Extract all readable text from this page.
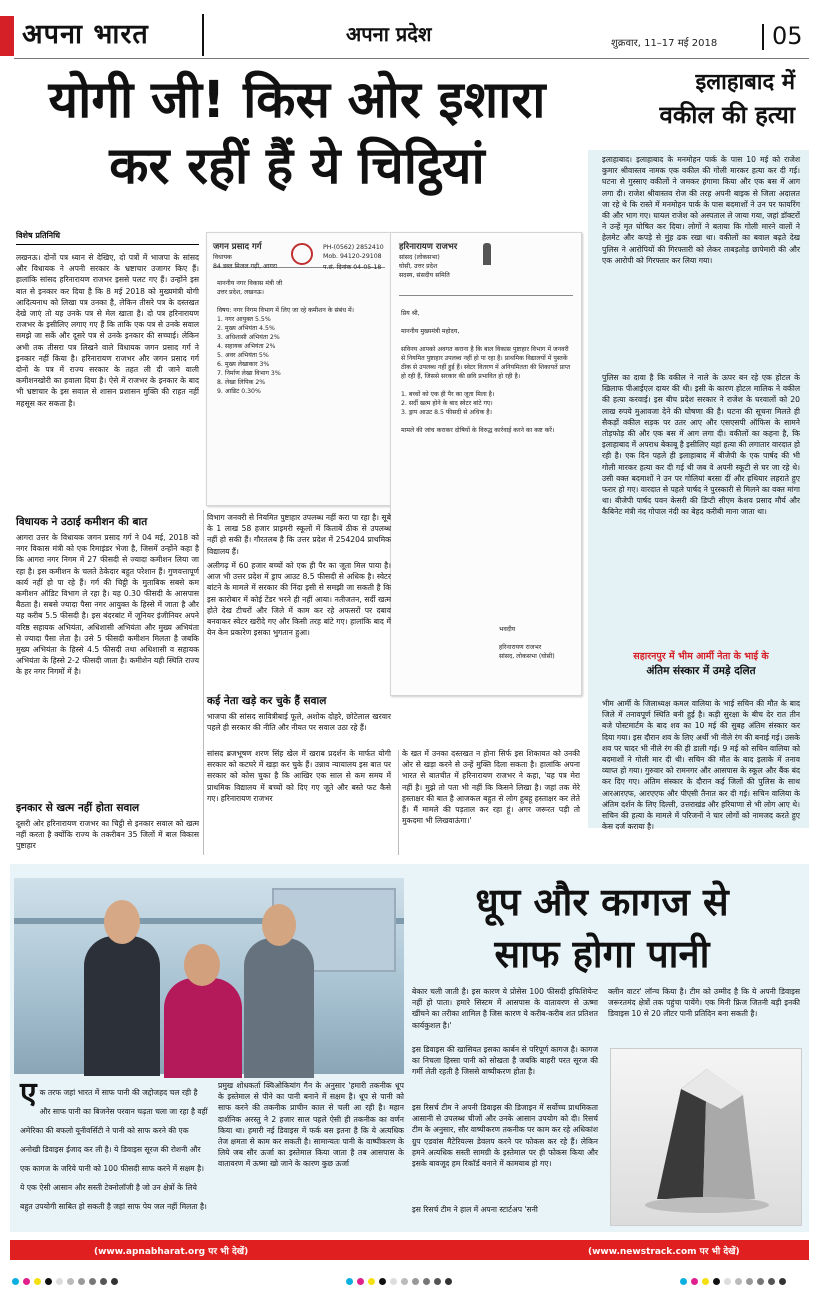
अपना भारत	अपना प्रदेश	शुक्रवार, 11–17 मई 2018 05
योगी जी! किस ओर इशारा
कर रहीं हैं ये चिट्ठियां
इलाहाबाद में
वकील की हत्या

इलाहाबाद। इलाहाबाद के मनमोहन पार्क के पास 10 मई को राजेश कुमार श्रीवास्तव नामक एक वकील की गोली मारकर हत्या कर दी गई। घटना से गुस्साए वकीलों ने जमकर हंगामा किया और एक बस में आग लगा दी। राजेश श्रीवास्तव रोज की तरह अपनी बाइक से जिला अदालत जा रहे थे कि रास्ते में मनमोहन पार्क के पास बदमाशों ने उन पर फायरिंग की और भाग गए। घायल राजेश को अस्पताल ले जाया गया, जहां डॉक्टरों ने उन्हें मृत घोषित कर दिया। लोगों ने बताया कि गोली मारने वालों ने हेलमेट और कपड़े से मुंह ढक रखा था। वकीलों का बवाल बढ़ते देख पुलिस ने आरोपियों की गिरफ्तारी को लेकर ताबड़तोड़ छापेमारी की और एक आरोपी को गिरफ्तार कर लिया गया।

पुलिस का दावा है कि वकील ने नाले के ऊपर बन रहे एक होटल के खिलाफ पीआईएल दायर की थी। इसी के कारण होटल मालिक ने वकील की हत्या करवाई। इस बीच प्रदेश सरकार ने राजेश के घरवालों को 20 लाख रुपये मुआवजा देने की घोषणा की है। घटना की सूचना मिलते ही सैकड़ों वकील सड़क पर उतर आए और एसएसपी ऑफिस के सामने तोड़फोड़ की और एक बस में आग लगा दी। वकीलों का कहना है, कि इलाहाबाद में अपराध बेकाबू है इसीलिए यहां हत्या की लगातार वारदात हो रही है। एक दिन पहले ही इलाहाबाद में बीजेपी के एक पार्षद की भी गोली मारकर हत्या कर दी गई थी जब वे अपनी स्कूटी से घर जा रहे थे। उसी वक्त बदमाशों ने उन पर गोलियां बरसा दीं और हथियार लहराते हुए फरार हो गए। वारदात से पहले पार्षद ने पुरस्कारी से मिलने का वक्त मांगा था। बीजेपी पार्षद पवन केसरी की डिप्टी सीएम केशव प्रसाद मौर्य और कैबिनेट मंत्री नंद गोपाल नंदी का बेहद करीबी माना जाता था।

सहारनपुर में भीम आर्मी नेता के भाई के
अंतिम संस्कार में उमड़े दलित

भीम आर्मी के जिलाध्यक्ष कमल वालिया के भाई सचिन की मौत के बाद जिले में तनावपूर्ण स्थिति बनी हुई है। कड़ी सुरक्षा के बीच देर रात तीन बजे पोस्टमार्टम के बाद शव का 10 मई की सुबह अंतिम संस्कार कर दिया गया। इस दौरान शव के लिए अर्थी भी नीले रंग की बनाई गई। उसके शव पर चादर भी नीले रंग की ही डाली गई। 9 मई को सचिन वालिया को बदमाशों ने गोली मार दी थी। सचिन की मौत के बाद इलाके में तनाव व्याप्त हो गया। गुरुवार को रामनगर और आसपास के स्कूल और बैंक बंद कर दिए गए। अंतिम संस्कार के दौरान कई जिलों की पुलिस के साथ आरआरएफ, आरएएफ और पीएसी तैनात कर दी गई। सचिन वालिया के अंतिम दर्शन के लिए दिल्ली, उत्तराखंड और हरियाणा से भी लोग आए थे। सचिन की हत्या के मामले में परिजनों ने चार लोगों को नामजद करते हुए केस दर्ज कराया है।

विशेष प्रतिनिधि

लखनऊ। दोनों पत्र ध्यान से देखिए, दो पत्रों में भाजपा के सांसद और विधायक ने अपनी सरकार के भ्रष्टाचार उजागर किए हैं। हालांकि सांसद हरिनारायण राजभर इससे पलट गए हैं। उन्होंने इस बात से इनकार कर दिया है कि 8 मई 2018 को मुख्यमंत्री योगी आदित्यनाथ को लिखा पत्र उनका है, लेकिन तीसरे पत्र के दस्तखत देखे जाएं तो यह उनके पत्र से मेल खाता है। दो पत्र हरिनारायण राजभर के इसीलिए लगाए गए हैं कि ताकि एक पत्र से उनके सवाल समझे जा सकें और दूसरे पत्र से उनके इनकार की सच्चाई। लेकिन अभी तक तीसरा पत्र लिखने वाले विधायक जगन प्रसाद गर्ग ने इनकार नहीं किया है। हरिनारायण राजभर और जगन प्रसाद गर्ग दोनों के पत्र में राज्य सरकार के तहत ली दी जाने वाली कमीशनखोरी का हवाला दिया है। ऐसे में राजभर के इनकार के बाद भी भ्रष्टाचार के इस सवाल से शासन प्रशासन मुक्ति की राहत नहीं महसूस कर सकता है।

विधायक ने उठाई कमीशन की बात

आगरा उत्तर के विधायक जगन प्रसाद गर्ग ने 04 मई, 2018 को नगर विकास मंत्री को एक रिमाइंडर भेजा है, जिसमें उन्होंने कहा है कि आगरा नगर निगम में 27 फीसदी से ज्यादा कमीशन लिया जा रहा है। इस कमीशन के चलते ठेकेदार बहुत परेशान हैं। गुणवत्तापूर्ण कार्य नहीं हो पा रहे हैं। गर्ग की चिट्ठी के मुताबिक सबसे कम कमीशन ऑडिट विभाग ले रहा है। यह 0.30 फीसदी के आसपास बैठता है। सबसे ज्यादा पैसा नगर आयुक्त के हिस्से में जाता है और यह करीब 5.5 फीसदी है। इस बंदरबांट में जूनियर इंजीनियर अपने वरिष्ठ सहायक अभियंता, अधिशासी अभियंता और मुख्य अभियंता से ज्यादा पैसा लेता है। उसे 5 फीसदी कमीशन मिलता है जबकि मुख्य अभियंता के हिस्से 4.5 फीसदी तथा अधिशासी व सहायक अभियंता के हिस्से 2-2 फीसदी जाता है। कमीशेन यही स्थिति राज्य के हर नगर निगमों में है।

इनकार से खत्म नहीं होता सवाल

दूसरी ओर हरिनारायण राजभर का चिट्ठी से इनकार सवाल को खत्म नहीं करता है क्योंकि राज्य के तकरीबन 35 जिलों में बाल विकास पुष्टाहार

जगन प्रसाद गर्ग
विधायक
84 डब्ल मिजल गढ़ी, आगरा
PH-(0562) 2852410
Mob. 94120-29108
प.सं. दिनांक 04-05-18
माननीय नगर विकास मंत्री जी
उत्तर प्रदेश, लखनऊ।

विषय: नगर निगम विभाग में लिए जा रहे कमीशन के संबंध में।
1. नगर आयुक्त 5.5%
2. मुख्य अभियंता 4.5%
3. अधिशासी अभियंता 2%
4. सहायक अभियंता 2%
5. अवर अभियंता 5%
6. मुख्य लेखाकार 3%
7. निर्माण लेखा विभाग 3%
8. लेखा लिपिक 2%
9. आडिट 0.30%
हरिनारायण राजभर
सांसद (लोकसभा)
घोसी, उत्तर प्रदेश
सदस्य, संसदीय समिति
प्रिय श्री,

माननीय मुख्यमंत्री महोदय,

सविनय आपको अवगत कराना है कि बाल विकास पुष्टाहार विभाग में जनवरी से नियमित पुष्टाहार उपलब्ध नहीं हो पा रहा है। प्राथमिक विद्यालयों में पुस्तकें ठीक से उपलब्ध नहीं हुई हैं। स्वेटर वितरण में अनियमितता की शिकायतें प्राप्त हो रही हैं, जिससे सरकार की छवि प्रभावित हो रही है।

1. बच्चों को एक ही पैर का जूता मिला है।
2. सर्दी खत्म होने के बाद स्वेटर बांटे गए।
3. ड्राप आउट 8.5 फीसदी से अधिक है।

मामले की जांच कराकर दोषियों के विरुद्ध कार्रवाई करने का कष्ट करें।
भवदीय

हरिनारायण राजभर
सांसद, लोकसभा (घोसी)

विभाग जनवरी से नियमित पुष्टाहार उपलब्ध नहीं करा पा रहा है। सूबे के 1 लाख 58 हजार प्राइमरी स्कूलों में किताबें ठीक से उपलब्ध नहीं हो सकी हैं। गौरतलब है कि उत्तर प्रदेश में 254204 प्राथमिक विद्यालय हैं।

अलीगढ़ में 60 हजार बच्चों को एक ही पैर का जूता मिल पाया है। आज भी उत्तर प्रदेश में ड्राप आउट 8.5 फीसदी से अधिक है। स्वेटर बांटने के मामले में सरकार की निंदा इसी से समझी जा सकती है कि इस कारोबार में कोई टेंडर भरने ही नहीं आया। नतीजतन, सर्दी खत्म होते देख टीचरों और जिले में काम कर रहे अफसरों पर दबाव बनवाकर स्वेटर खरीदे गए और किसी तरह बांटे गए। हालांकि बाद में येन केन प्रकारेण इसका भुगतान हुआ।

कई नेता खड़े कर चुके हैं सवाल

भाजपा की सांसद सावित्रीबाई फूले, अशोक दोहरे, छोटेलाल खरवार पहले ही सरकार की नीति और नीयत पर सवाल उठा रहे हैं।

सांसद ब्रजभूषण शरण सिंह खेल में खराब प्रदर्शन के मार्फत योगी सरकार को कटघरे में खड़ा कर चुके हैं। उन्नाव न्यायालय इस बात पर सरकार को कोस चुका है कि आखिर एक साल से कम समय में प्राथमिक विद्यालय में बच्चों को दिए गए जूते और बस्ते फट कैसे गए। हरिनारायण राजभर

के खत में उनका दस्तखत न होना सिर्फ इस शिकायत को उनकी ओर से खड़ा करने से उन्हें मुक्ति दिला सकता है। हालांकि अपना भारत से बातचीत में हरिनारायण राजभर ने कहा, 'यह पत्र मेरा नहीं है। मुझे तो पता भी नहीं कि किसने लिखा है। जहां तक मेरे हस्ताक्षर की बात है आजकल बहुत से लोग हूबहू हस्ताक्षर कर लेते हैं। मैं मामले की पड़ताल कर रहा हूं। अगर जरूरत पड़ी तो मुकदमा भी लिखवाऊंगा।'

धूप और कागज से
साफ होगा पानी
ए क तरफ जहां भारत में साफ पानी की जद्दोजहद चल रही है और साफ पानी का बिजनेस परवान चढ़ता चला जा रहा है वहीं अमेरिका की बफलो यूनीवर्सिटी ने पानी को साफ करने की एक अनोखी डिवाइस ईजाद कर ली है। ये डिवाइस सूरज की रोशनी और एक कागज के जरिये पानी को 100 फीसदी साफ करने में सक्षम है। ये एक ऐसी आसान और सस्ती टेक्नोलॉजी है जो उन क्षेत्रों के लिये बहुत उपयोगी साबित हो सकती है जहां साफ पेय जल नहीं मिलता है।

प्रमुख शोधकर्ता क्विओकियांग गैन के अनुसार 'हमारी तकनीक धूप के इस्तेमाल से पीने का पानी बनाने में सक्षम है। धूप से पानी को साफ करने की तकनीक प्राचीन काल से चली आ रही है। महान दार्शनिक अरस्तु ने 2 हजार साल पहले ऐसी ही तकनीक का वर्णन किया था। हमारी नई डिवाइस में फर्क बस इतना है कि ये अत्यधिक तेज क्षमता से काम कर सकती है। सामान्यतः पानी के वाष्पीकरण के लिये जब सौर ऊर्जा का इस्तेमाल किया जाता है तब आसपास के वातावरण में ऊष्मा खो जाने के कारण कुछ ऊर्जा

बेकार चली जाती है। इस कारण ये प्रोसेस 100 फीसदी इफिशियेन्ट नहीं हो पाता। हमारे सिस्टम में आसपास के वातावरण से ऊष्मा खींचने का तरीका शामिल है जिस कारण ये करीब-करीब शत प्रतिशत कार्यकुशल है।'

इस डिवाइस की खासियत इसका कार्बन से परिपूर्ण कागज है। कागज का निचला हिस्सा पानी को सोखता है जबकि बाहरी परत सूरज की गर्मी लेती रहती है जिससे वाष्पीकरण होता है।

इस रिसर्च टीम ने अपनी डिवाइस की डिजाइन में सर्वोच्च प्राथमिकता आसानी से उपलब्ध चीजों और उनके आसान उपयोग को दी। रिसर्च टीम के अनुसार, सौर वाष्पीकरण तकनीक पर काम कर रहे अधिकांश ग्रुप एडवांस मैटेरियल्स डेवलप करने पर फोकस कर रहे हैं। लेकिन हमने अत्यधिक सस्ती सामग्री के इस्तेमाल पर ही फोकस किया और इसके बावजूद हम रिकॉर्ड बनाने में कामयाब हो गए।

इस रिसर्च टीम ने हाल में अपना स्टार्टअप 'सनी

क्लीन वाटर' लॉन्च किया है। टीम को उम्मीद है कि ये अपनी डिवाइस जरूरतमंद क्षेत्रों तक पहुंचा पायेंगे। एक मिनी फ्रिज जितनी बड़ी इनकी डिवाइस 10 से 20 लीटर पानी प्रतिदिन बना सकती है।

(www.apnabharat.org पर भी देखें)	(www.newstrack.com पर भी देखें)
